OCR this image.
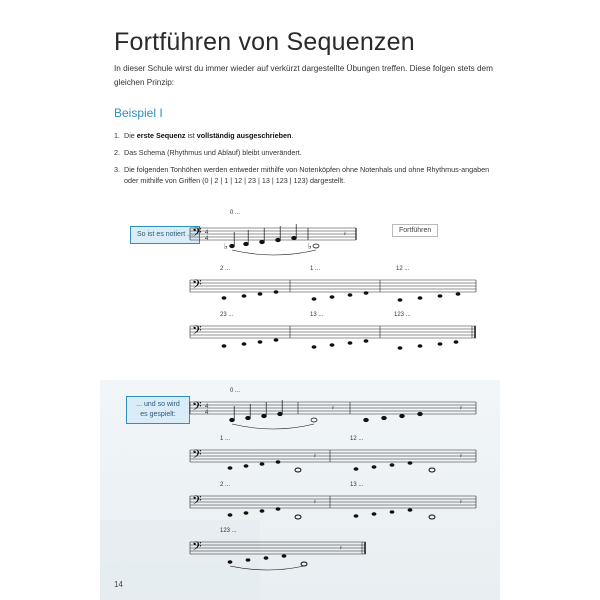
Fortführen von Sequenzen
In dieser Schule wirst du immer wieder auf verkürzt dargestellte Übungen treffen. Diese folgen stets dem gleichen Prinzip:
Beispiel I
1. Die erste Sequenz ist vollständig ausgeschrieben.
2. Das Schema (Rhythmus und Ablauf) bleibt unverändert.
3. Die folgenden Tonhöhen werden entweder mithilfe von Notenköpfen ohne Notenhals und ohne Rhythmus-angaben oder mithilfe von Griffen (0 | 2 | 1 | 12 | 23 | 13 | 123 | 123) dargestellt.
So ist es notiert ...
Fortführen
... und so wird es gespielt:
𝄢 4
4
0 ...
♭	♭
𝄽
𝄢
2 ...	1 ...	12 ...
𝄢
23 ...	13 ...	123 ...
𝄢 4
4
0 ...
𝄽	𝄽
𝄢
1 ...	12 ...
𝄽	𝄽
𝄢
2 ...	13 ...
𝄽	𝄽
𝄢
123 ...
𝄽
14
